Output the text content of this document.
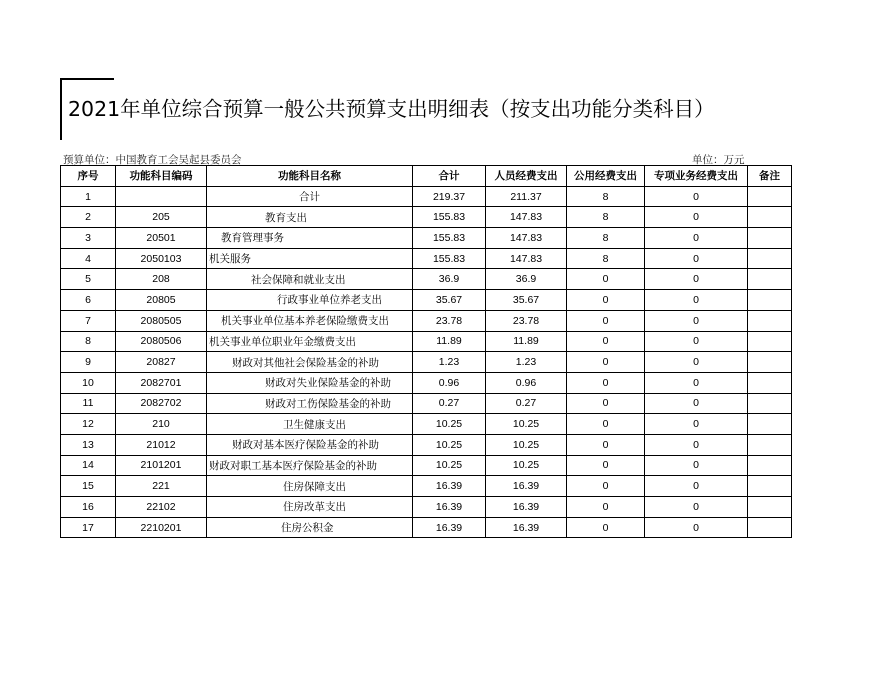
2021年单位综合预算一般公共预算支出明细表（按支出功能分类科目）
预算单位：中国教育工会吴起县委员会	单位：万元
序号	功能科目编码	功能科目名称	合计	人员经费支出	公用经费支出	专项业务经费支出	备注
1		合计	219.37	211.37	8	0	
2	205	教育支出	155.83	147.83	8	0	
3	20501	教育管理事务	155.83	147.83	8	0	
4	2050103	机关服务	155.83	147.83	8	0	
5	208	社会保障和就业支出	36.9	36.9	0	0	
6	20805	行政事业单位养老支出	35.67	35.67	0	0	
7	2080505	机关事业单位基本养老保险缴费支出	23.78	23.78	0	0	
8	2080506	机关事业单位职业年金缴费支出	11.89	11.89	0	0	
9	20827	财政对其他社会保险基金的补助	1.23	1.23	0	0	
10	2082701	财政对失业保险基金的补助	0.96	0.96	0	0	
11	2082702	财政对工伤保险基金的补助	0.27	0.27	0	0	
12	210	卫生健康支出	10.25	10.25	0	0	
13	21012	财政对基本医疗保险基金的补助	10.25	10.25	0	0	
14	2101201	财政对职工基本医疗保险基金的补助	10.25	10.25	0	0	
15	221	住房保障支出	16.39	16.39	0	0	
16	22102	住房改革支出	16.39	16.39	0	0	
17	2210201	住房公积金	16.39	16.39	0	0	
